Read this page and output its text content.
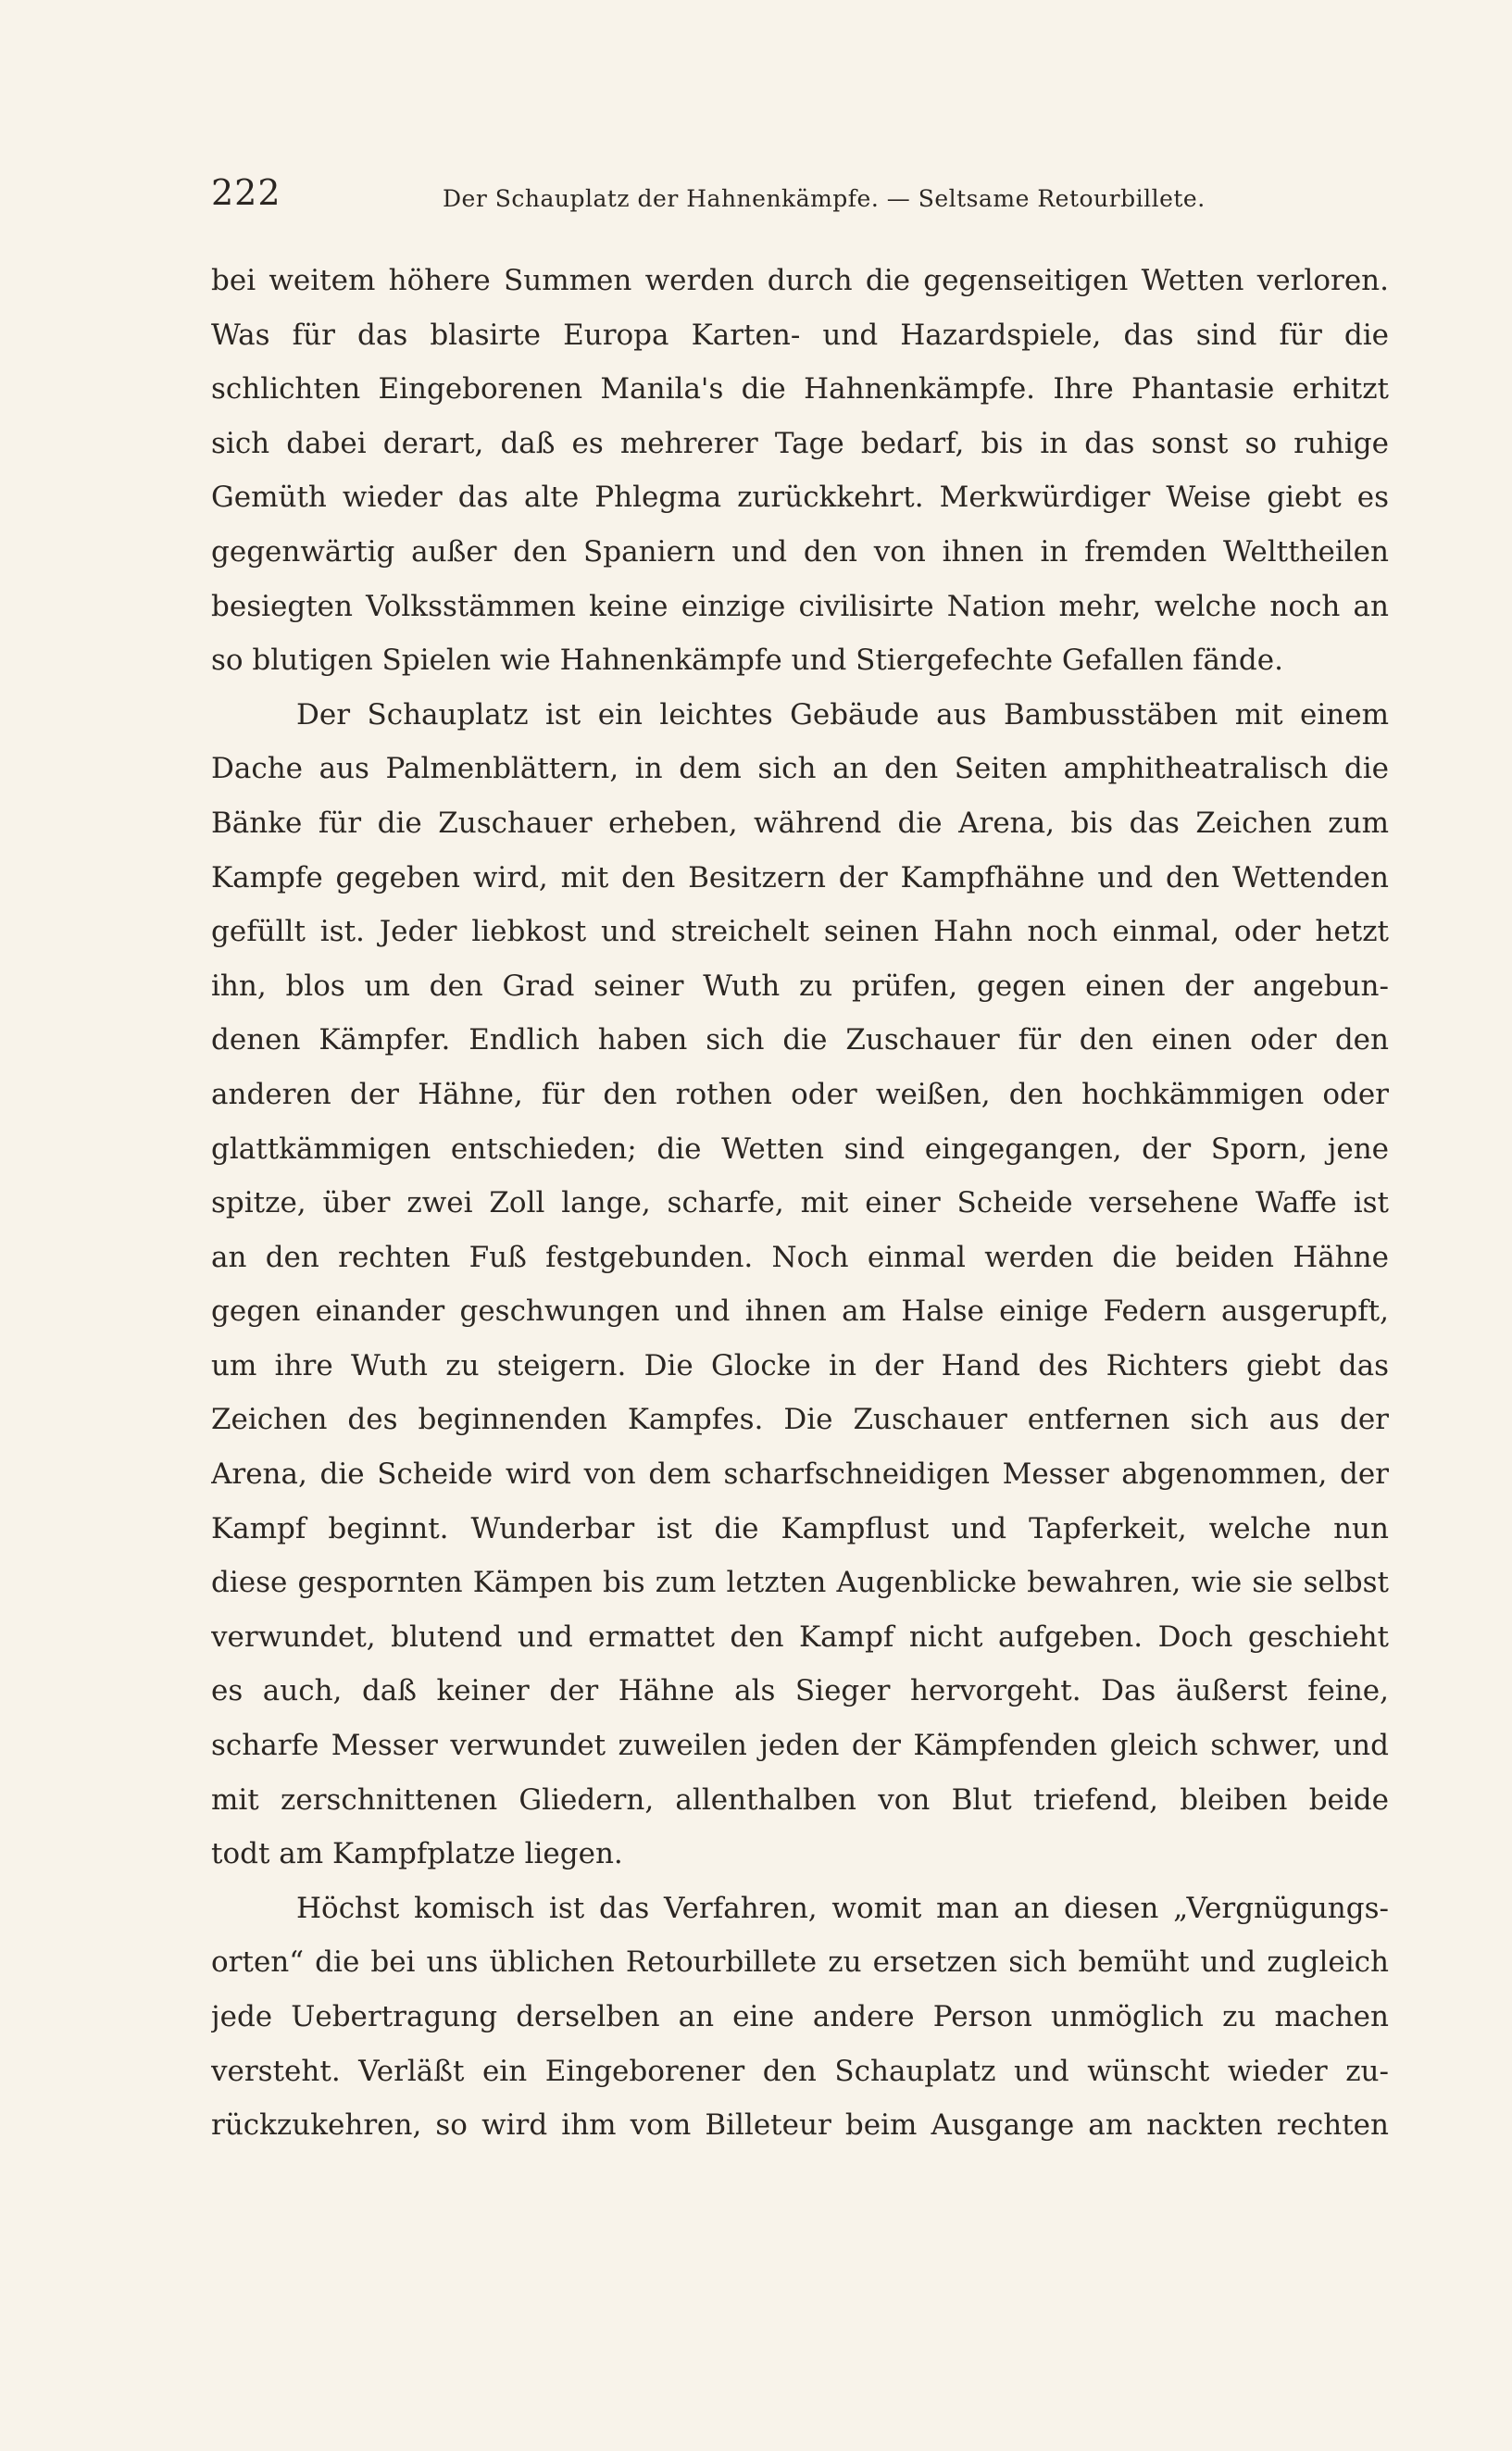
222	Der Schauplatz der Hahnenkämpfe. — Seltsame Retourbillete.
bei weitem höhere Summen werden durch die gegenseitigen Wetten verloren.
Was für das blasirte Europa Karten- und Hazardspiele, das sind für die
schlichten Eingeborenen Manila's die Hahnenkämpfe. Ihre Phantasie erhitzt
sich dabei derart, daß es mehrerer Tage bedarf, bis in das sonst so ruhige
Gemüth wieder das alte Phlegma zurückkehrt. Merkwürdiger Weise giebt es
gegenwärtig außer den Spaniern und den von ihnen in fremden Welttheilen
besiegten Volksstämmen keine einzige civilisirte Nation mehr, welche noch an
so blutigen Spielen wie Hahnenkämpfe und Stiergefechte Gefallen fände.
Der Schauplatz ist ein leichtes Gebäude aus Bambusstäben mit einem
Dache aus Palmenblättern, in dem sich an den Seiten amphitheatralisch die
Bänke für die Zuschauer erheben, während die Arena, bis das Zeichen zum
Kampfe gegeben wird, mit den Besitzern der Kampfhähne und den Wettenden
gefüllt ist. Jeder liebkost und streichelt seinen Hahn noch einmal, oder hetzt
ihn, blos um den Grad seiner Wuth zu prüfen, gegen einen der angebun-
denen Kämpfer. Endlich haben sich die Zuschauer für den einen oder den
anderen der Hähne, für den rothen oder weißen, den hochkämmigen oder
glattkämmigen entschieden; die Wetten sind eingegangen, der Sporn, jene
spitze, über zwei Zoll lange, scharfe, mit einer Scheide versehene Waffe ist
an den rechten Fuß festgebunden. Noch einmal werden die beiden Hähne
gegen einander geschwungen und ihnen am Halse einige Federn ausgerupft,
um ihre Wuth zu steigern. Die Glocke in der Hand des Richters giebt das
Zeichen des beginnenden Kampfes. Die Zuschauer entfernen sich aus der
Arena, die Scheide wird von dem scharfschneidigen Messer abgenommen, der
Kampf beginnt. Wunderbar ist die Kampflust und Tapferkeit, welche nun
diese gespornten Kämpen bis zum letzten Augenblicke bewahren, wie sie selbst
verwundet, blutend und ermattet den Kampf nicht aufgeben. Doch geschieht
es auch, daß keiner der Hähne als Sieger hervorgeht. Das äußerst feine,
scharfe Messer verwundet zuweilen jeden der Kämpfenden gleich schwer, und
mit zerschnittenen Gliedern, allenthalben von Blut triefend, bleiben beide
todt am Kampfplatze liegen.
Höchst komisch ist das Verfahren, womit man an diesen „Vergnügungs-
orten“ die bei uns üblichen Retourbillete zu ersetzen sich bemüht und zugleich
jede Uebertragung derselben an eine andere Person unmöglich zu machen
versteht. Verläßt ein Eingeborener den Schauplatz und wünscht wieder zu-
rückzukehren, so wird ihm vom Billeteur beim Ausgange am nackten rechten
